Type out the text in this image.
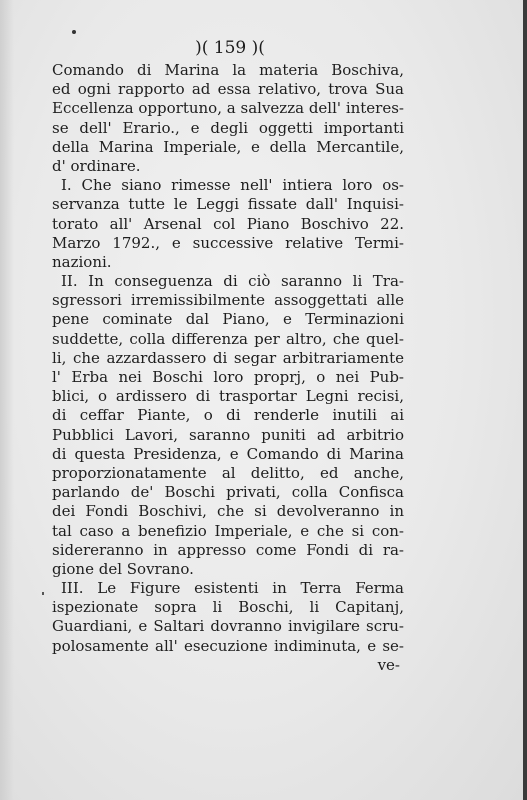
)( 159 )(
Comando di Marina la materia Boschiva,
ed ogni rapporto ad essa relativo, trova Sua
Eccellenza opportuno, a salvezza dell' interes-
se dell' Erario., e degli oggetti importanti
della Marina Imperiale, e della Mercantile,
d' ordinare.
I. Che siano rimesse nell' intiera loro os-
servanza tutte le Leggi fissate dall' Inquisi-
torato all' Arsenal col Piano Boschivo 22.
Marzo 1792., e successive relative Termi-
nazioni.
II. In conseguenza di ciò saranno li Tra-
sgressori irremissibilmente assoggettati alle
pene cominate dal Piano, e Terminazioni
suddette, colla differenza per altro, che quel-
li, che azzardassero di segar arbitrariamente
l' Erba nei Boschi loro proprj, o nei Pub-
blici, o ardissero di trasportar Legni recisi,
di ceffar Piante, o di renderle inutili ai
Pubblici Lavori, saranno puniti ad arbitrio
di questa Presidenza, e Comando di Marina
proporzionatamente al delitto, ed anche,
parlando de' Boschi privati, colla Confisca
dei Fondi Boschivi, che si devolveranno in
tal caso a benefizio Imperiale, e che si con-
sidereranno in appresso come Fondi di ra-
gione del Sovrano.
III. Le Figure esistenti in Terra Ferma
ispezionate sopra li Boschi, li Capitanj,
Guardiani, e Saltari dovranno invigilare scru-
polosamente all' esecuzione indiminuta, e se-
ve-
